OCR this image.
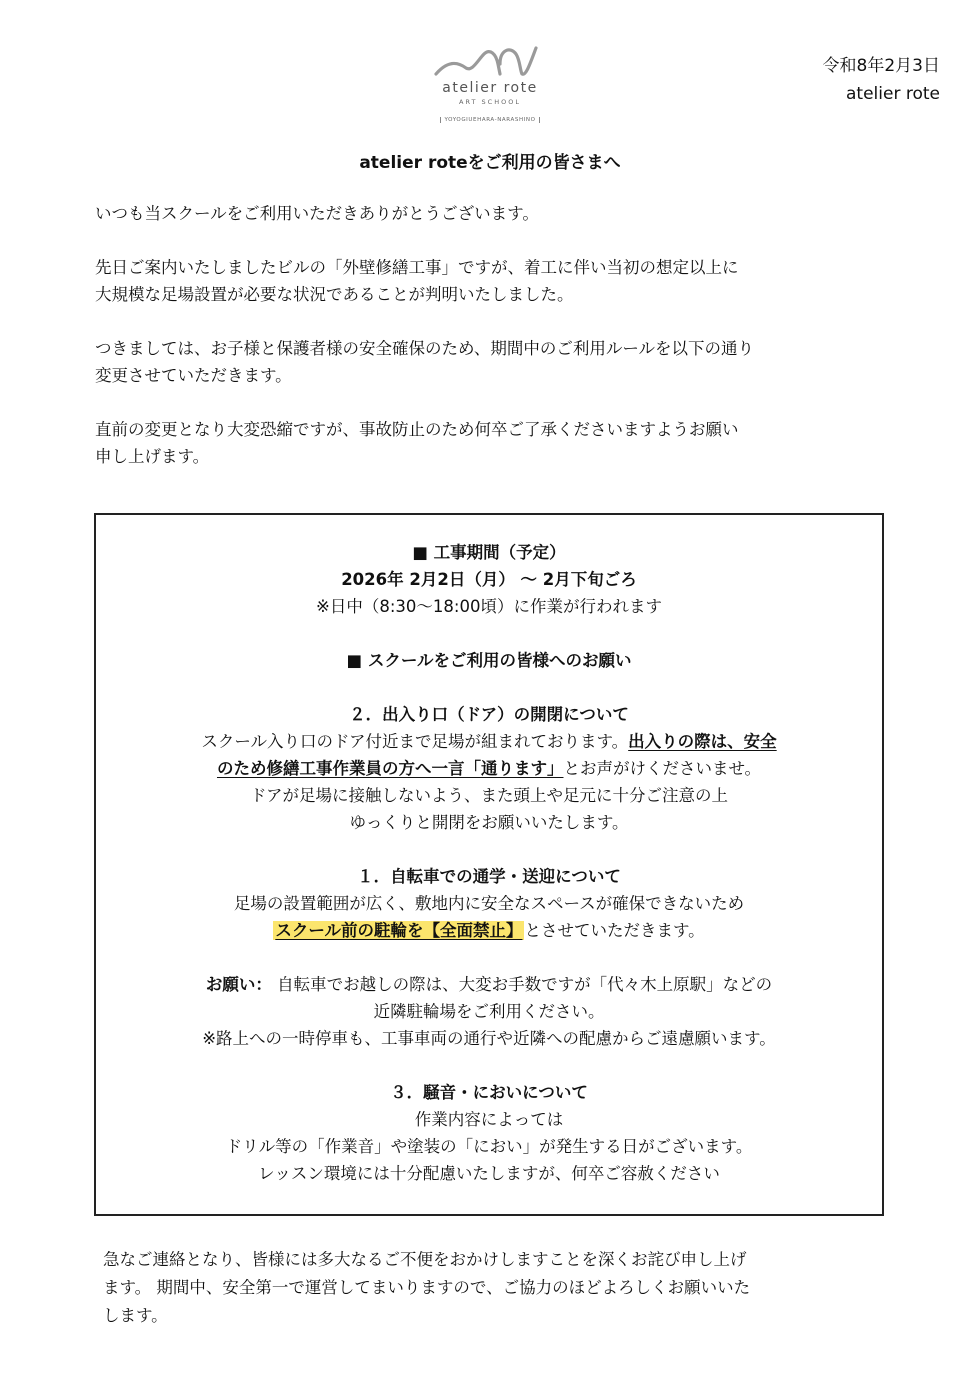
atelier rote
ART SCHOOL
YOYOGIUEHARA-NARASHINO
令和8年2月3日
atelier rote
atelier roteをご利用の皆さまへ

いつも当スクールをご利用いただきありがとうございます。

先日ご案内いたしましたビルの「外壁修繕工事」ですが、着工に伴い当初の想定以上に
大規模な足場設置が必要な状況であることが判明いたしました。

つきましては、お子様と保護者様の安全確保のため、期間中のご利用ルールを以下の通り
変更させていただきます。

直前の変更となり大変恐縮ですが、事故防止のため何卒ご了承くださいますようお願い
申し上げます。

■ 工事期間（予定）
2026年 2月2日（月） ～ 2月下旬ごろ
※日中（8:30～18:00頃）に作業が行われます
■ スクールをご利用の皆様へのお願い
２．出入り口（ドア）の開閉について
スクール入り口のドア付近まで足場が組まれております。出入りの際は、安全
のため修繕工事作業員の方へ一言「通ります」とお声がけくださいませ。
ドアが足場に接触しないよう、また頭上や足元に十分ご注意の上
ゆっくりと開閉をお願いいたします。
１．自転車での通学・送迎について
足場の設置範囲が広く、敷地内に安全なスペースが確保できないため
スクール前の駐輪を【全面禁止】 とさせていただきます。
お願い： 自転車でお越しの際は、大変お手数ですが「代々木上原駅」などの
近隣駐輪場をご利用ください。
※路上への一時停車も、工事車両の通行や近隣への配慮からご遠慮願います。
３．騒音・においについて
作業内容によっては
ドリル等の「作業音」や塗装の「におい」が発生する日がございます。
レッスン環境には十分配慮いたしますが、何卒ご容赦ください
急なご連絡となり、皆様には多大なるご不便をおかけしますことを深くお詫び申し上げ
ます。 期間中、安全第一で運営してまいりますので、ご協力のほどよろしくお願いいた
します。
